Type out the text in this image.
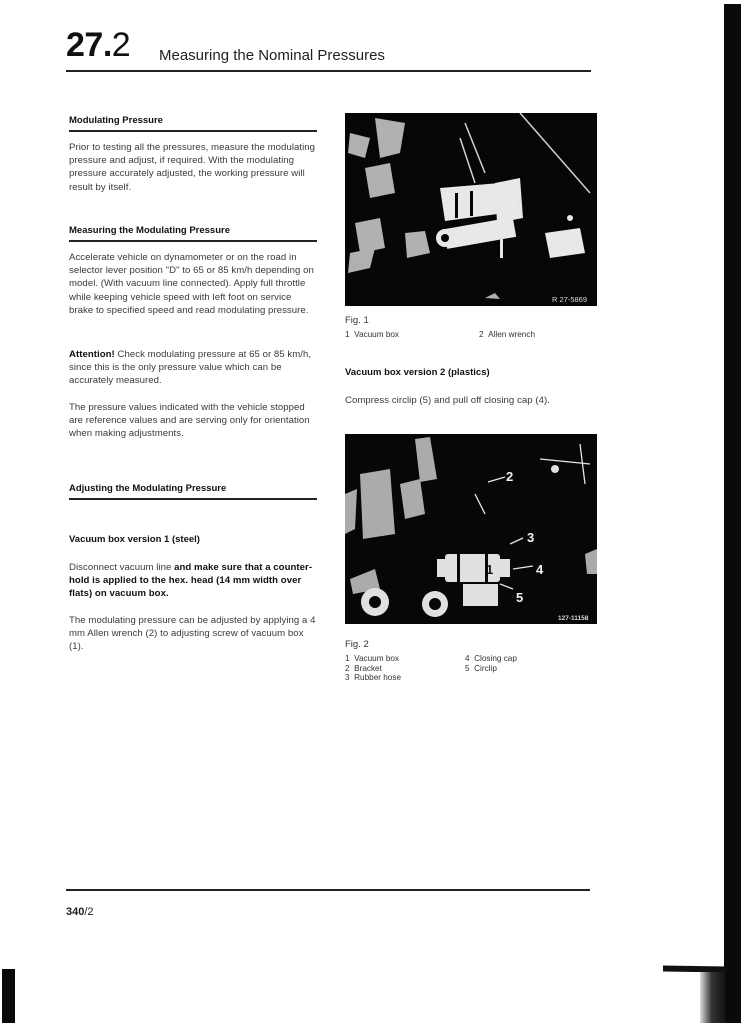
27.2 Measuring the Nominal Pressures
Modulating Pressure
Prior to testing all the pressures, measure the modulating pressure and adjust, if required. With the modulating pressure accurately adjusted, the working pressure will result by itself.
Measuring the Modulating Pressure
Accelerate vehicle on dynamometer or on the road in selector lever position "D" to 65 or 85 km/h depending on model. (With vacuum line connected). Apply full throttle while keeping vehicle speed with left foot on service brake to specified speed and read modulating pressure.
Attention! Check modulating pressure at 65 or 85 km/h, since this is the only pressure value which can be accurately measured.
The pressure values indicated with the vehicle stopped are reference values and are serving only for orientation when making adjustments.
Adjusting the Modulating Pressure
Vacuum box version 1 (steel)
Disconnect vacuum line and make sure that a counter-hold is applied to the hex. head (14 mm width over flats) on vacuum box.
The modulating pressure can be adjusted by applying a 4 mm Allen wrench (2) to adjusting screw of vacuum box (1).
2
R 27-5869
Fig. 1
1 Vacuum box	2 Allen wrench
Vacuum box version 2 (plastics)
Compress circlip (5) and pull off closing cap (4).
1
2
3
4
5
127-11158
Fig. 2
1 Vacuum box
2 Bracket
3 Rubber hose
4 Closing cap
5 Circlip
340/2
